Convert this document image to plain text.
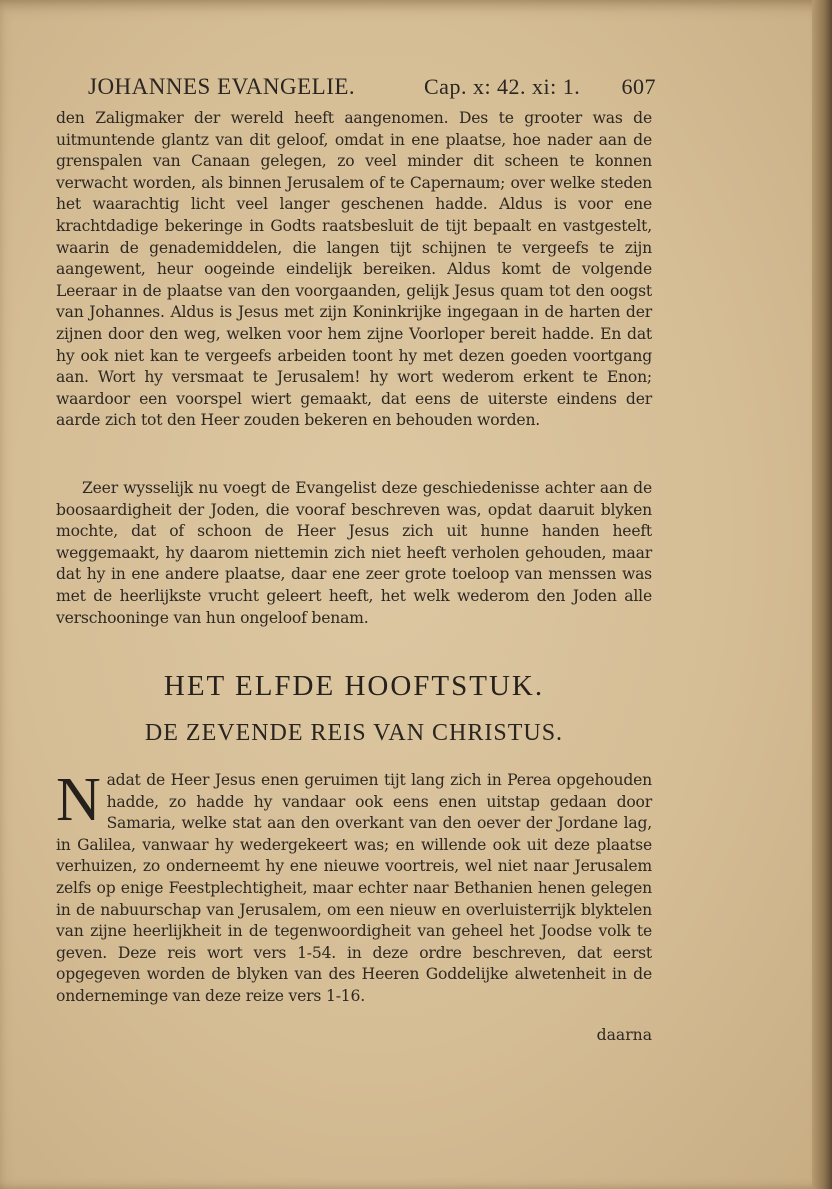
JOHANNES EVANGELIE.	Cap. x: 42. xi: 1. 607
den Zaligmaker der wereld heeft aangenomen. Des te grooter was de uitmuntende glantz van dit geloof, omdat in ene plaatse, hoe nader aan de grenspalen van Canaan gelegen, zo veel minder dit scheen te konnen verwacht worden, als binnen Jerusalem of te Capernaum; over welke steden het waarachtig licht veel langer geschenen hadde. Aldus is voor ene krachtdadige bekeringe in Godts raatsbesluit de tijt bepaalt en vastgestelt, waarin de genademiddelen, die langen tijt schijnen te vergeefs te zijn aangewent, heur oogeinde eindelijk bereiken. Aldus komt de volgende Leeraar in de plaatse van den voorgaanden, gelijk Jesus quam tot den oogst van Johannes. Aldus is Jesus met zijn Koninkrijke ingegaan in de harten der zijnen door den weg, welken voor hem zijne Voorloper bereit hadde. En dat hy ook niet kan te vergeefs arbeiden toont hy met dezen goeden voortgang aan. Wort hy versmaat te Jerusalem! hy wort wederom erkent te Enon; waardoor een voorspel wiert gemaakt, dat eens de uiterste eindens der aarde zich tot den Heer zouden bekeren en behouden worden.
Zeer wysselijk nu voegt de Evangelist deze geschiedenisse achter aan de boosaardigheit der Joden, die vooraf beschreven was, opdat daaruit blyken mochte, dat of schoon de Heer Jesus zich uit hunne handen heeft weggemaakt, hy daarom niettemin zich niet heeft verholen gehouden, maar dat hy in ene andere plaatse, daar ene zeer grote toeloop van menssen was met de heerlijkste vrucht geleert heeft, het welk wederom den Joden alle verschooninge van hun ongeloof benam.
HET ELFDE HOOFTSTUK.
DE ZEVENDE REIS VAN CHRISTUS.
Nadat de Heer Jesus enen geruimen tijt lang zich in Perea opgehouden hadde, zo hadde hy vandaar ook eens enen uitstap gedaan door Samaria, welke stat aan den overkant van den oever der Jordane lag, in Galilea, vanwaar hy wedergekeert was; en willende ook uit deze plaatse verhuizen, zo onderneemt hy ene nieuwe voortreis, wel niet naar Jerusalem zelfs op enige Feestplechtigheit, maar echter naar Bethanien henen gelegen in de nabuurschap van Jerusalem, om een nieuw en overluisterrijk blyktelen van zijne heerlijkheit in de tegenwoordigheit van geheel het Joodse volk te geven. Deze reis wort vers 1-54. in deze ordre beschreven, dat eerst opgegeven worden de blyken van des Heeren Goddelijke alwetenheit in de onderneminge van deze reize vers 1-16.
daarna
